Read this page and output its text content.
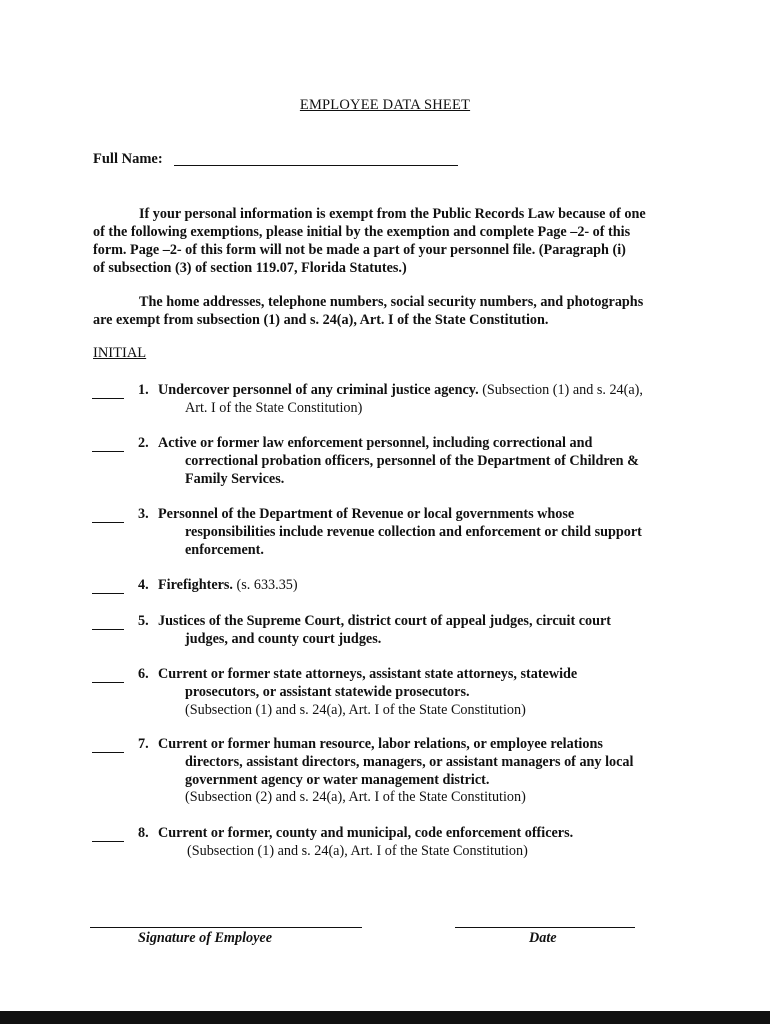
EMPLOYEE DATA SHEET
Full Name:
If your personal information is exempt from the Public Records Law because of one
of the following exemptions, please initial by the exemption and complete Page –2- of this
form. Page –2- of this form will not be made a part of your personnel file. (Paragraph (i)
of subsection (3) of section 119.07, Florida Statutes.)
The home addresses, telephone numbers, social security numbers, and photographs
are exempt from subsection (1) and s. 24(a), Art. I of the State Constitution.
INITIAL
1. Undercover personnel of any criminal justice agency. (Subsection (1) and s. 24(a),
Art. I of the State Constitution)
2. Active or former law enforcement personnel, including correctional and
correctional probation officers, personnel of the Department of Children &
Family Services.
3. Personnel of the Department of Revenue or local governments whose
responsibilities include revenue collection and enforcement or child support
enforcement.
4. Firefighters. (s. 633.35)
5. Justices of the Supreme Court, district court of appeal judges, circuit court
judges, and county court judges.
6. Current or former state attorneys, assistant state attorneys, statewide
prosecutors, or assistant statewide prosecutors.
(Subsection (1) and s. 24(a), Art. I of the State Constitution)
7. Current or former human resource, labor relations, or employee relations
directors, assistant directors, managers, or assistant managers of any local
government agency or water management district.
(Subsection (2) and s. 24(a), Art. I of the State Constitution)
8. Current or former, county and municipal, code enforcement officers.
(Subsection (1) and s. 24(a), Art. I of the State Constitution)
Signature of Employee	Date
